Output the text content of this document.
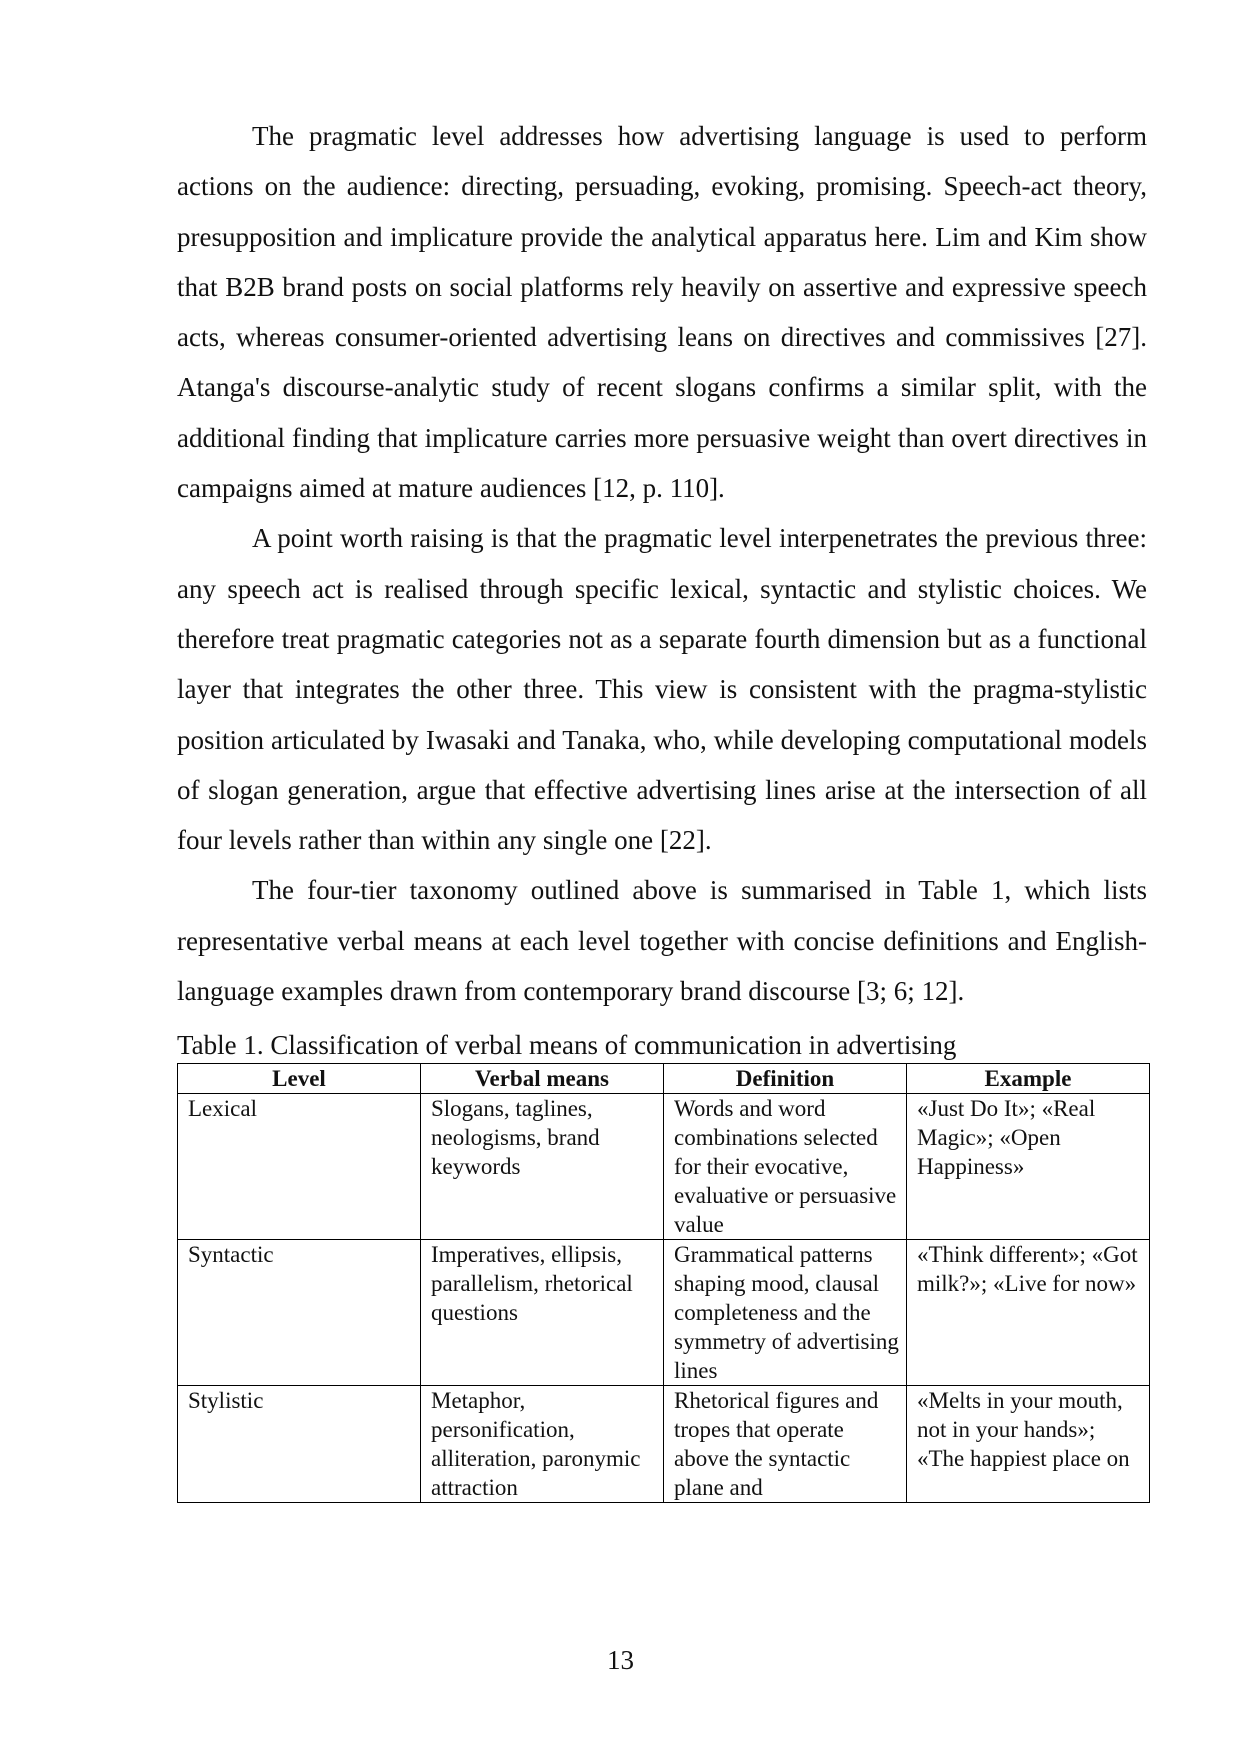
The pragmatic level addresses how advertising language is used to perform actions on the audience: directing, persuading, evoking, promising. Speech-act theory, presupposition and implicature provide the analytical apparatus here. Lim and Kim show that B2B brand posts on social platforms rely heavily on assertive and expressive speech acts, whereas consumer-oriented advertising leans on directives and commissives [27]. Atanga's discourse-analytic study of recent slogans confirms a similar split, with the additional finding that implicature carries more persuasive weight than overt directives in campaigns aimed at mature audiences [12, p. 110].

A point worth raising is that the pragmatic level interpenetrates the previous three: any speech act is realised through specific lexical, syntactic and stylistic choices. We therefore treat pragmatic categories not as a separate fourth dimension but as a functional layer that integrates the other three. This view is consistent with the pragma-stylistic position articulated by Iwasaki and Tanaka, who, while developing computational models of slogan generation, argue that effective advertising lines arise at the intersection of all four levels rather than within any single one [22].

The four-tier taxonomy outlined above is summarised in Table 1, which lists representative verbal means at each level together with concise definitions and English-language examples drawn from contemporary brand discourse [3; 6; 12].

Table 1. Classification of verbal means of communication in advertising
Level	Verbal means	Definition	Example
Lexical	Slogans, taglines, neologisms, brand keywords	Words and word combinations selected for their evocative, evaluative or persuasive value	«Just Do It»; «Real Magic»; «Open Happiness»
Syntactic	Imperatives, ellipsis, parallelism, rhetorical questions	Grammatical patterns shaping mood, clausal completeness and the symmetry of advertising lines	«Think different»; «Got milk?»; «Live for now»
Stylistic	Metaphor, personification, alliteration, paronymic attraction	Rhetorical figures and tropes that operate above the syntactic plane and	«Melts in your mouth, not in your hands»; «The happiest place on
13
